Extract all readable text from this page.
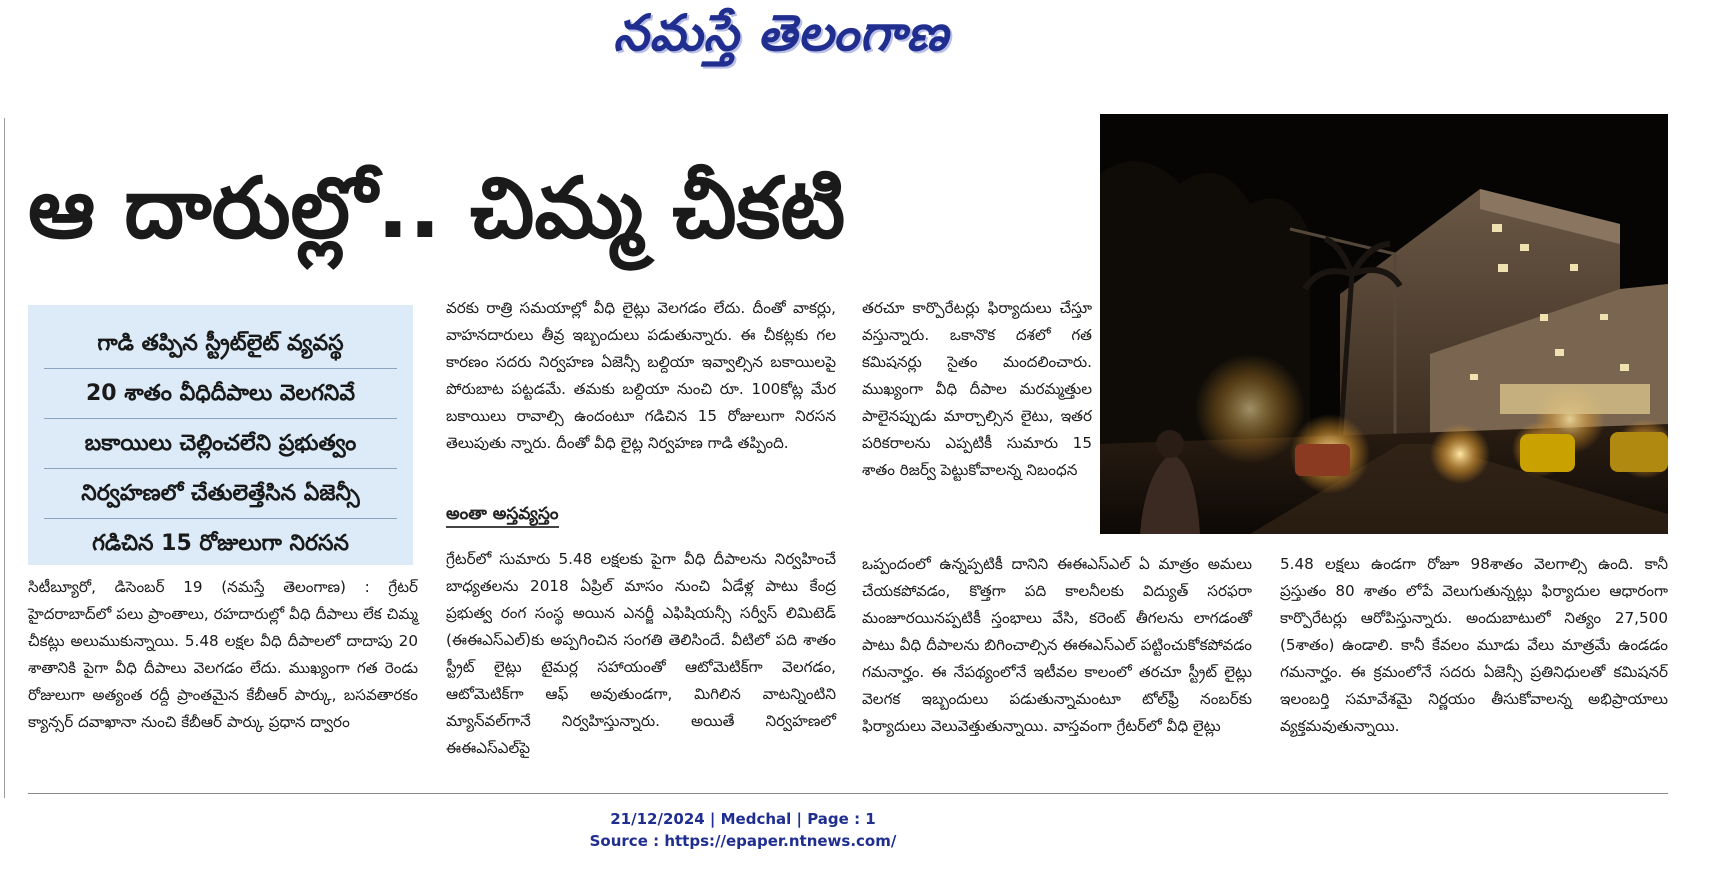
నమస్తే తెలంగాణ
ఆ దారుల్లో.. చిమ్మ చీకటి
గాడి తప్పిన స్ట్రీట్‌లైట్ వ్యవస్థ
20 శాతం వీధిదీపాలు వెలగనివే
బకాయిలు చెల్లించలేని ప్రభుత్వం
నిర్వహణలో చేతులెత్తేసిన ఏజెన్సీ
గడిచిన 15 రోజులుగా నిరసన

సిటీబ్యూరో, డిసెంబర్ 19 (నమస్తే తెలంగాణ) : గ్రేటర్ హైదరాబాద్‌లో పలు ప్రాంతాలు, రహదారుల్లో వీధి దీపాలు లేక చిమ్మ చీకట్లు అలుముకున్నాయి. 5.48 లక్షల వీధి దీపాలలో దాదాపు 20 శాతానికి పైగా వీధి దీపాలు వెలగడం లేదు. ముఖ్యంగా గత రెండు రోజులుగా అత్యంత రద్దీ ప్రాంతమైన కేబీఆర్ పార్కు, బసవతారకం క్యాన్సర్ దవాఖానా నుంచి కేబీఆర్ పార్కు ప్రధాన ద్వారం

వరకు రాత్రి సమయాల్లో వీధి లైట్లు వెలగడం లేదు. దీంతో వాకర్లు, వాహనదారులు తీవ్ర ఇబ్బందులు పడుతున్నారు. ఈ చీకట్లకు గల కారణం సదరు నిర్వహణ ఏజెన్సీ బల్దియా ఇవ్వాల్సిన బకాయిలపై పోరుబాట పట్టడమే. తమకు బల్దియా నుంచి రూ. 100కోట్ల మేర బకాయిలు రావాల్సి ఉందంటూ గడిచిన 15 రోజులుగా నిరసన తెలుపుతు న్నారు. దీంతో వీధి లైట్ల నిర్వహణ గాడి తప్పింది.

అంతా అస్తవ్యస్తం

గ్రేటర్‌లో సుమారు 5.48 లక్షలకు పైగా వీధి దీపాలను నిర్వహించే బాధ్యతలను 2018 ఏప్రిల్ మాసం నుంచి ఏడేళ్ల పాటు కేంద్ర ప్రభుత్వ రంగ సంస్థ అయిన ఎనర్జీ ఎఫిషియన్సీ సర్వీస్ లిమిటెడ్ (ఈఈఎస్‌ఎల్)కు అప్పగించిన సంగతి తెలిసిందే. వీటిలో పది శాతం స్ట్రీట్ లైట్లు టైమర్ల సహాయంతో ఆటోమెటిక్‌గా వెలగడం, ఆటోమెటిక్‌గా ఆఫ్ అవుతుండగా, మిగిలిన వాటన్నింటిని మ్యాన్‌వల్‌గానే నిర్వహిస్తున్నారు. అయితే నిర్వహణలో ఈఈఎస్‌ఎల్‌పై

తరచూ కార్పొరేటర్లు ఫిర్యాదులు చేస్తూ వస్తున్నారు. ఒకానొక దశలో గత కమిషనర్లు సైతం మందలించారు. ముఖ్యంగా వీధి దీపాల మరమ్మత్తుల పాలైనప్పుడు మార్చాల్సిన లైటు, ఇతర పరికరాలను ఎప్పటికీ సుమారు 15 శాతం రిజర్వ్ పెట్టుకోవాలన్న నిబంధన

ఒప్పందంలో ఉన్నప్పటికీ దానిని ఈఈఎస్‌ఎల్ ఏ మాత్రం అమలు చేయకపోవడం, కొత్తగా పది కాలనీలకు విద్యుత్ సరఫరా మంజూరయినప్పటికీ స్తంభాలు వేసి, కరెంట్ తీగలను లాగడంతో పాటు వీధి దీపాలను బిగించాల్సిన ఈఈఎస్‌ఎల్ పట్టించుకోకపోవడం గమనార్హం. ఈ నేపథ్యంలోనే ఇటీవల కాలంలో తరచూ స్ట్రీట్ లైట్లు వెలగక ఇబ్బందులు పడుతున్నామంటూ టోల్‌ఫ్రీ నంబర్‌కు ఫిర్యాదులు వెలువెత్తుతున్నాయి. వాస్తవంగా గ్రేటర్‌లో వీధి లైట్లు

5.48 లక్షలు ఉండగా రోజూ 98శాతం వెలగాల్సి ఉంది. కానీ ప్రస్తుతం 80 శాతం లోపే వెలుగుతున్నట్లు ఫిర్యాదుల ఆధారంగా కార్పొరేటర్లు ఆరోపిస్తున్నారు. అందుబాటులో నిత్యం 27,500 (5శాతం) ఉండాలి. కానీ కేవలం మూడు వేలు మాత్రమే ఉండడం గమనార్హం. ఈ క్రమంలోనే సదరు ఏజెన్సీ ప్రతినిధులతో కమిషనర్ ఇలంబర్తి సమావేశమై నిర్ణయం తీసుకోవాలన్న అభిప్రాయాలు వ్యక్తమవుతున్నాయి.

21/12/2024 | Medchal | Page : 1
Source : https://epaper.ntnews.com/
